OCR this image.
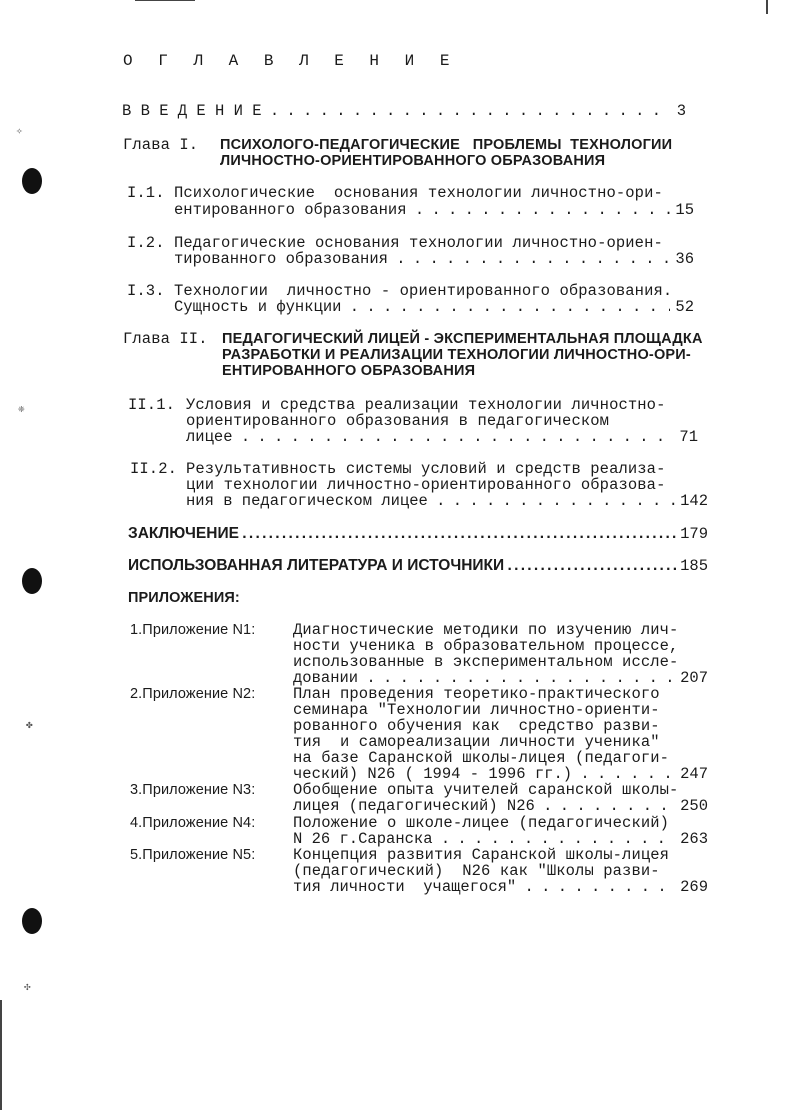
✧
❈
✤
✣
О Г Л А В Л Е Н И Е
В В Е Д Е Н И Е . . .	3
Глава I. ПСИХОЛОГО-ПЕДАГОГИЧЕСКИЕ   ПРОБЛЕМЫ  ТЕХНОЛОГИИ
ЛИЧНОСТНО-ОРИЕНТИРОВАННОГО ОБРАЗОВАНИЯ
I.1. Психологические  основания технологии личностно-ори-
ентированного образования . . .	15
I.2. Педагогические основания технологии личностно-ориен-
тированного образования . . .	36
I.3. Технологии  личностно - ориентированного образования.
Сущность и функции . . .	52
Глава II. ПЕДАГОГИЧЕСКИЙ ЛИЦЕЙ - ЭКСПЕРИМЕНТАЛЬНАЯ ПЛОЩАДКА
РАЗРАБОТКИ И РЕАЛИЗАЦИИ ТЕХНОЛОГИИ ЛИЧНОСТНО-ОРИ-
ЕНТИРОВАННОГО ОБРАЗОВАНИЯ
II.1. Условия и средства реализации технологии личностно-
ориентированного образования в педагогическом
лицее . . .	71
II.2. Результативность системы условий и средств реализа-
ции технологии личностно-ориентированного образова-
ния в педагогическом лицее . . .	142
ЗАКЛЮЧЕНИЕ . . .	179
ИСПОЛЬЗОВАННАЯ ЛИТЕРАТУРА И ИСТОЧНИКИ . . .	185
ПРИЛОЖЕНИЯ:
1.Приложение N1: Диагностические методики по изучению лич-
ности ученика в образовательном процессе,
использованные в экспериментальном иссле-
довании . . .	207
2.Приложение N2: План проведения теоретико-практического
семинара "Технологии личностно-ориенти-
рованного обучения как  средство разви-
тия  и самореализации личности ученика"
на базе Саранской школы-лицея (педагоги-
ческий) N26 ( 1994 - 1996 гг.) . . .	247
3.Приложение N3: Обобщение опыта учителей саранской школы-
лицея (педагогический) N26 . . .	250
4.Приложение N4: Положение о школе-лицее (педагогический)
N 26 г.Саранска . . .	263
5.Приложение N5: Концепция развития Саранской школы-лицея
(педагогический)  N26 как "Школы разви-
тия личности  учащегося" . . .	269
